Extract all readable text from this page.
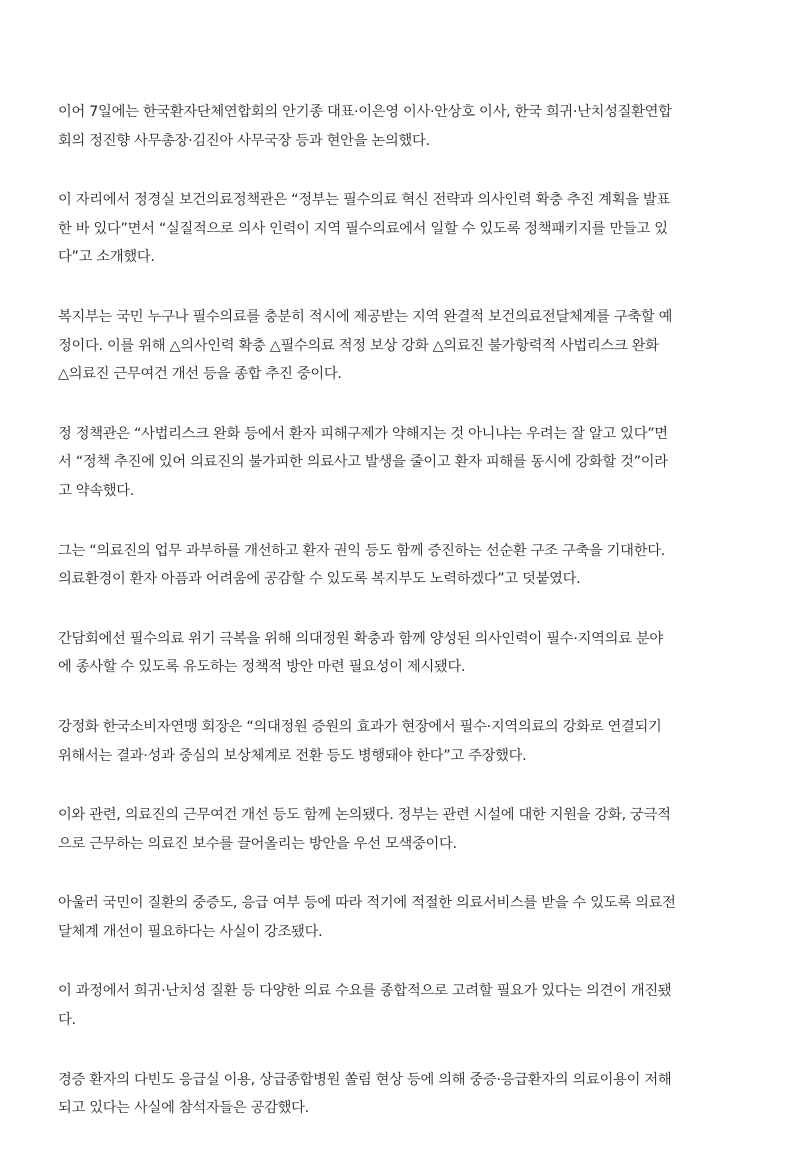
이어 7일에는 한국환자단체연합회의 안기종 대표·이은영 이사·안상호 이사, 한국 희귀·난치성질환연합
회의 정진향 사무총장·김진아 사무국장 등과 현안을 논의했다.

이 자리에서 정경실 보건의료정책관은 “정부는 필수의료 혁신 전략과 의사인력 확충 추진 계획을 발표
한 바 있다”면서 “실질적으로 의사 인력이 지역 필수의료에서 일할 수 있도록 정책패키지를 만들고 있
다”고 소개했다.

복지부는 국민 누구나 필수의료를 충분히 적시에 제공받는 지역 완결적 보건의료전달체계를 구축할 예
정이다. 이를 위해 △의사인력 확충 △필수의료 적정 보상 강화 △의료진 불가항력적 사법리스크 완화
△의료진 근무여건 개선 등을 종합 추진 중이다.

정 정책관은 “사법리스크 완화 등에서 환자 피해구제가 약해지는 것 아니냐는 우려는 잘 알고 있다”면
서 “정책 추진에 있어 의료진의 불가피한 의료사고 발생을 줄이고 환자 피해를 동시에 강화할 것”이라
고 약속했다.

그는 “의료진의 업무 과부하를 개선하고 환자 권익 등도 함께 증진하는 선순환 구조 구축을 기대한다.
의료환경이 환자 아픔과 어려움에 공감할 수 있도록 복지부도 노력하겠다”고 덧붙였다.

간담회에선 필수의료 위기 극복을 위해 의대정원 확충과 함께 양성된 의사인력이 필수·지역의료 분야
에 종사할 수 있도록 유도하는 정책적 방안 마련 필요성이 제시됐다.

강정화 한국소비자연맹 회장은 “의대정원 증원의 효과가 현장에서 필수·지역의료의 강화로 연결되기
위해서는 결과·성과 중심의 보상체계로 전환 등도 병행돼야 한다”고 주장했다.

이와 관련, 의료진의 근무여건 개선 등도 함께 논의됐다. 정부는 관련 시설에 대한 지원을 강화, 궁극적
으로 근무하는 의료진 보수를 끌어올리는 방안을 우선 모색중이다.

아울러 국민이 질환의 중증도, 응급 여부 등에 따라 적기에 적절한 의료서비스를 받을 수 있도록 의료전
달체계 개선이 필요하다는 사실이 강조됐다.

이 과정에서 희귀·난치성 질환 등 다양한 의료 수요를 종합적으로 고려할 필요가 있다는 의견이 개진됐
다.

경증 환자의 다빈도 응급실 이용, 상급종합병원 쏠림 현상 등에 의해 중증·응급환자의 의료이용이 저해
되고 있다는 사실에 참석자들은 공감했다.
